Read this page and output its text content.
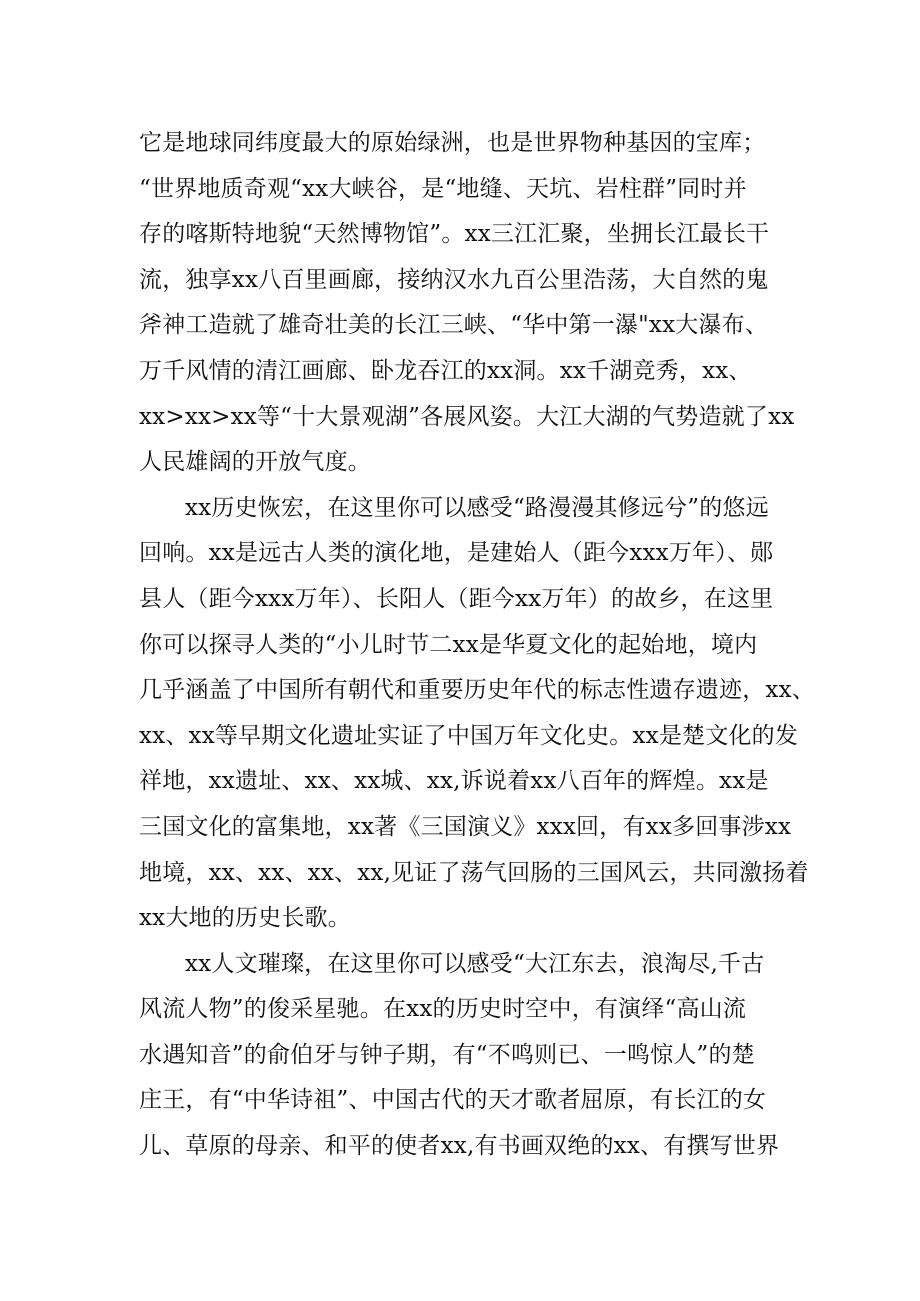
它是地球同纬度最大的原始绿洲，也是世界物种基因的宝库；
“世界地质奇观“xx大峡谷，是“地缝、天坑、岩柱群”同时并
存的喀斯特地貌“天然博物馆”。xx三江汇聚，坐拥长江最长干
流，独享xx八百里画廊，接纳汉水九百公里浩荡，大自然的鬼
斧神工造就了雄奇壮美的长江三峡、“华中第一瀑"xx大瀑布、
万千风情的清江画廊、卧龙吞江的xx洞。xx千湖竞秀，xx、
xx>xx>xx等“十大景观湖”各展风姿。大江大湖的气势造就了xx
人民雄阔的开放气度。
xx历史恢宏，在这里你可以感受“路漫漫其修远兮”的悠远
回响。xx是远古人类的演化地，是建始人（距今xxx万年）、郧
县人（距今xxx万年）、长阳人（距今xx万年）的故乡，在这里
你可以探寻人类的“小儿时节二xx是华夏文化的起始地，境内
几乎涵盖了中国所有朝代和重要历史年代的标志性遗存遗迹，xx、
xx、xx等早期文化遗址实证了中国万年文化史。xx是楚文化的发
祥地，xx遗址、xx、xx城、xx,诉说着xx八百年的辉煌。xx是
三国文化的富集地，xx著《三国演义》xxx回，有xx多回事涉xx
地境，xx、xx、xx、xx,见证了荡气回肠的三国风云，共同激扬着
xx大地的历史长歌。
xx人文璀璨，在这里你可以感受“大江东去，浪淘尽,千古
风流人物”的俊采星驰。在xx的历史时空中，有演绎“高山流
水遇知音”的俞伯牙与钟子期，有“不鸣则已、一鸣惊人”的楚
庄王，有“中华诗祖”、中国古代的天才歌者屈原，有长江的女
儿、草原的母亲、和平的使者xx,有书画双绝的xx、有撰写世界
